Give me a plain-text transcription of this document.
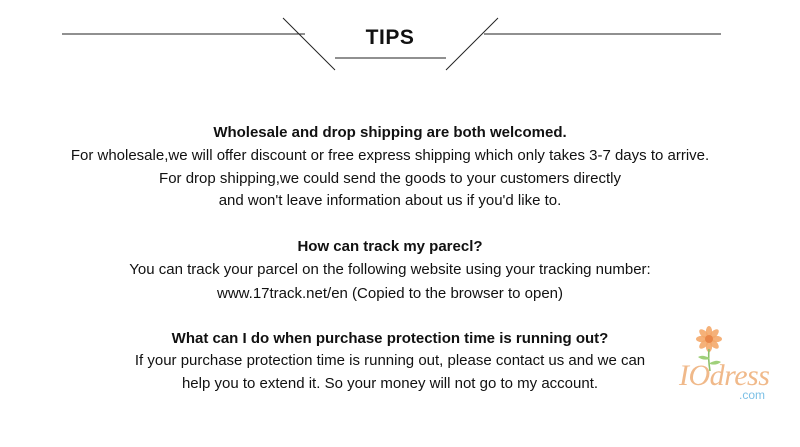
TIPS
Wholesale and drop shipping are both welcomed.
For wholesale,we will offer discount or free express shipping which only takes 3-7 days to arrive.
For drop shipping,we could send the goods to your customers directly
and won't leave information about us if you'd like to.
How can track my parecl?
You can track your parcel on the following website using your tracking number:
www.17track.net/en (Copied to the browser to open)
What can I do when purchase protection time is running out?
If your purchase protection time is running out, please contact us and we can
help you to extend it. So your money will not go to my account.	IOdress
.com
